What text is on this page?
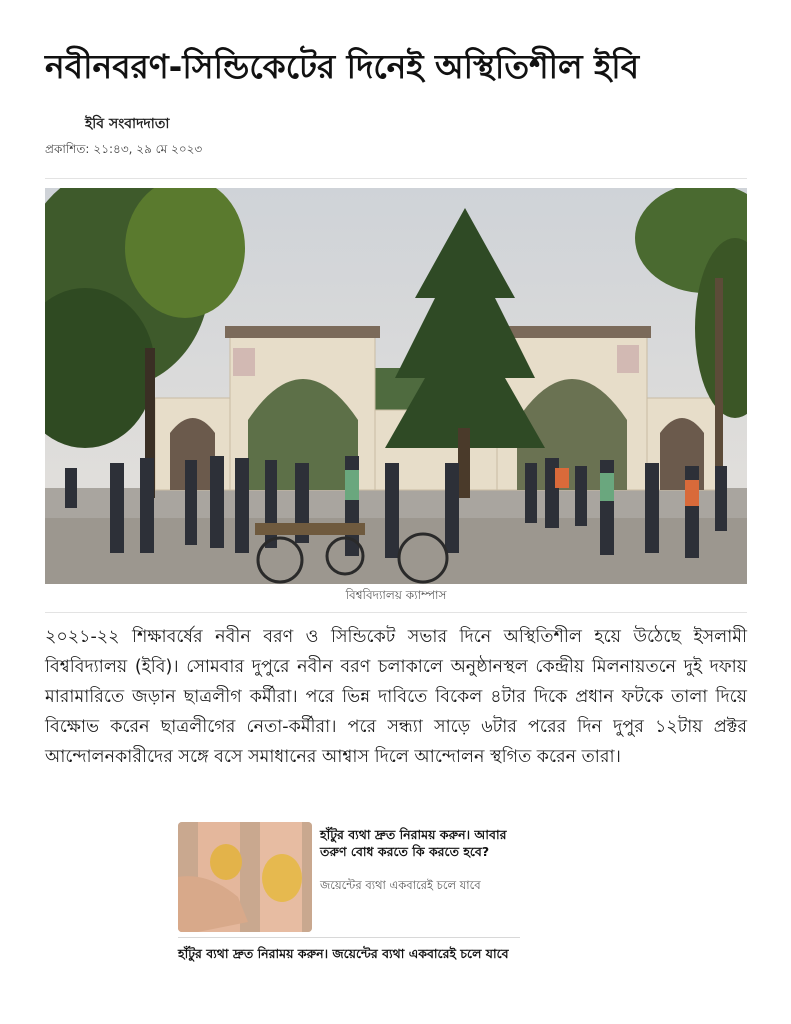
নবীনবরণ-সিন্ডিকেটের দিনেই অস্থিতিশীল ইবি
ইবি সংবাদদাতা
প্রকাশিত: ২১:৪৩, ২৯ মে ২০২৩
বিশ্ববিদ্যালয় ক্যাম্পাস

২০২১-২২ শিক্ষাবর্ষের নবীন বরণ ও সিন্ডিকেট সভার দিনে অস্থিতিশীল হয়ে উঠেছে ইসলামী বিশ্ববিদ্যালয় (ইবি)। সোমবার দুপুরে নবীন বরণ চলাকালে অনুষ্ঠানস্থল কেন্দ্রীয় মিলনায়তনে দুই দফায় মারামারিতে জড়ান ছাত্রলীগ কর্মীরা। পরে ভিন্ন দাবিতে বিকেল ৪টার দিকে প্রধান ফটকে তালা দিয়ে বিক্ষোভ করেন ছাত্রলীগের নেতা-কর্মীরা। পরে সন্ধ্যা সাড়ে ৬টার পরের দিন দুপুর ১২টায় প্রক্টর আন্দোলনকারীদের সঙ্গে বসে সমাধানের আশ্বাস দিলে আন্দোলন স্থগিত করেন তারা।

হাঁটুর ব্যথা দ্রুত নিরাময় করুন। আবার তরুণ বোধ করতে কি করতে হবে?
জয়েন্টের ব্যথা একবারেই চলে যাবে
হাঁটুর ব্যথা দ্রুত নিরাময় করুন। জয়েন্টের ব্যথা একবারেই চলে যাবে
